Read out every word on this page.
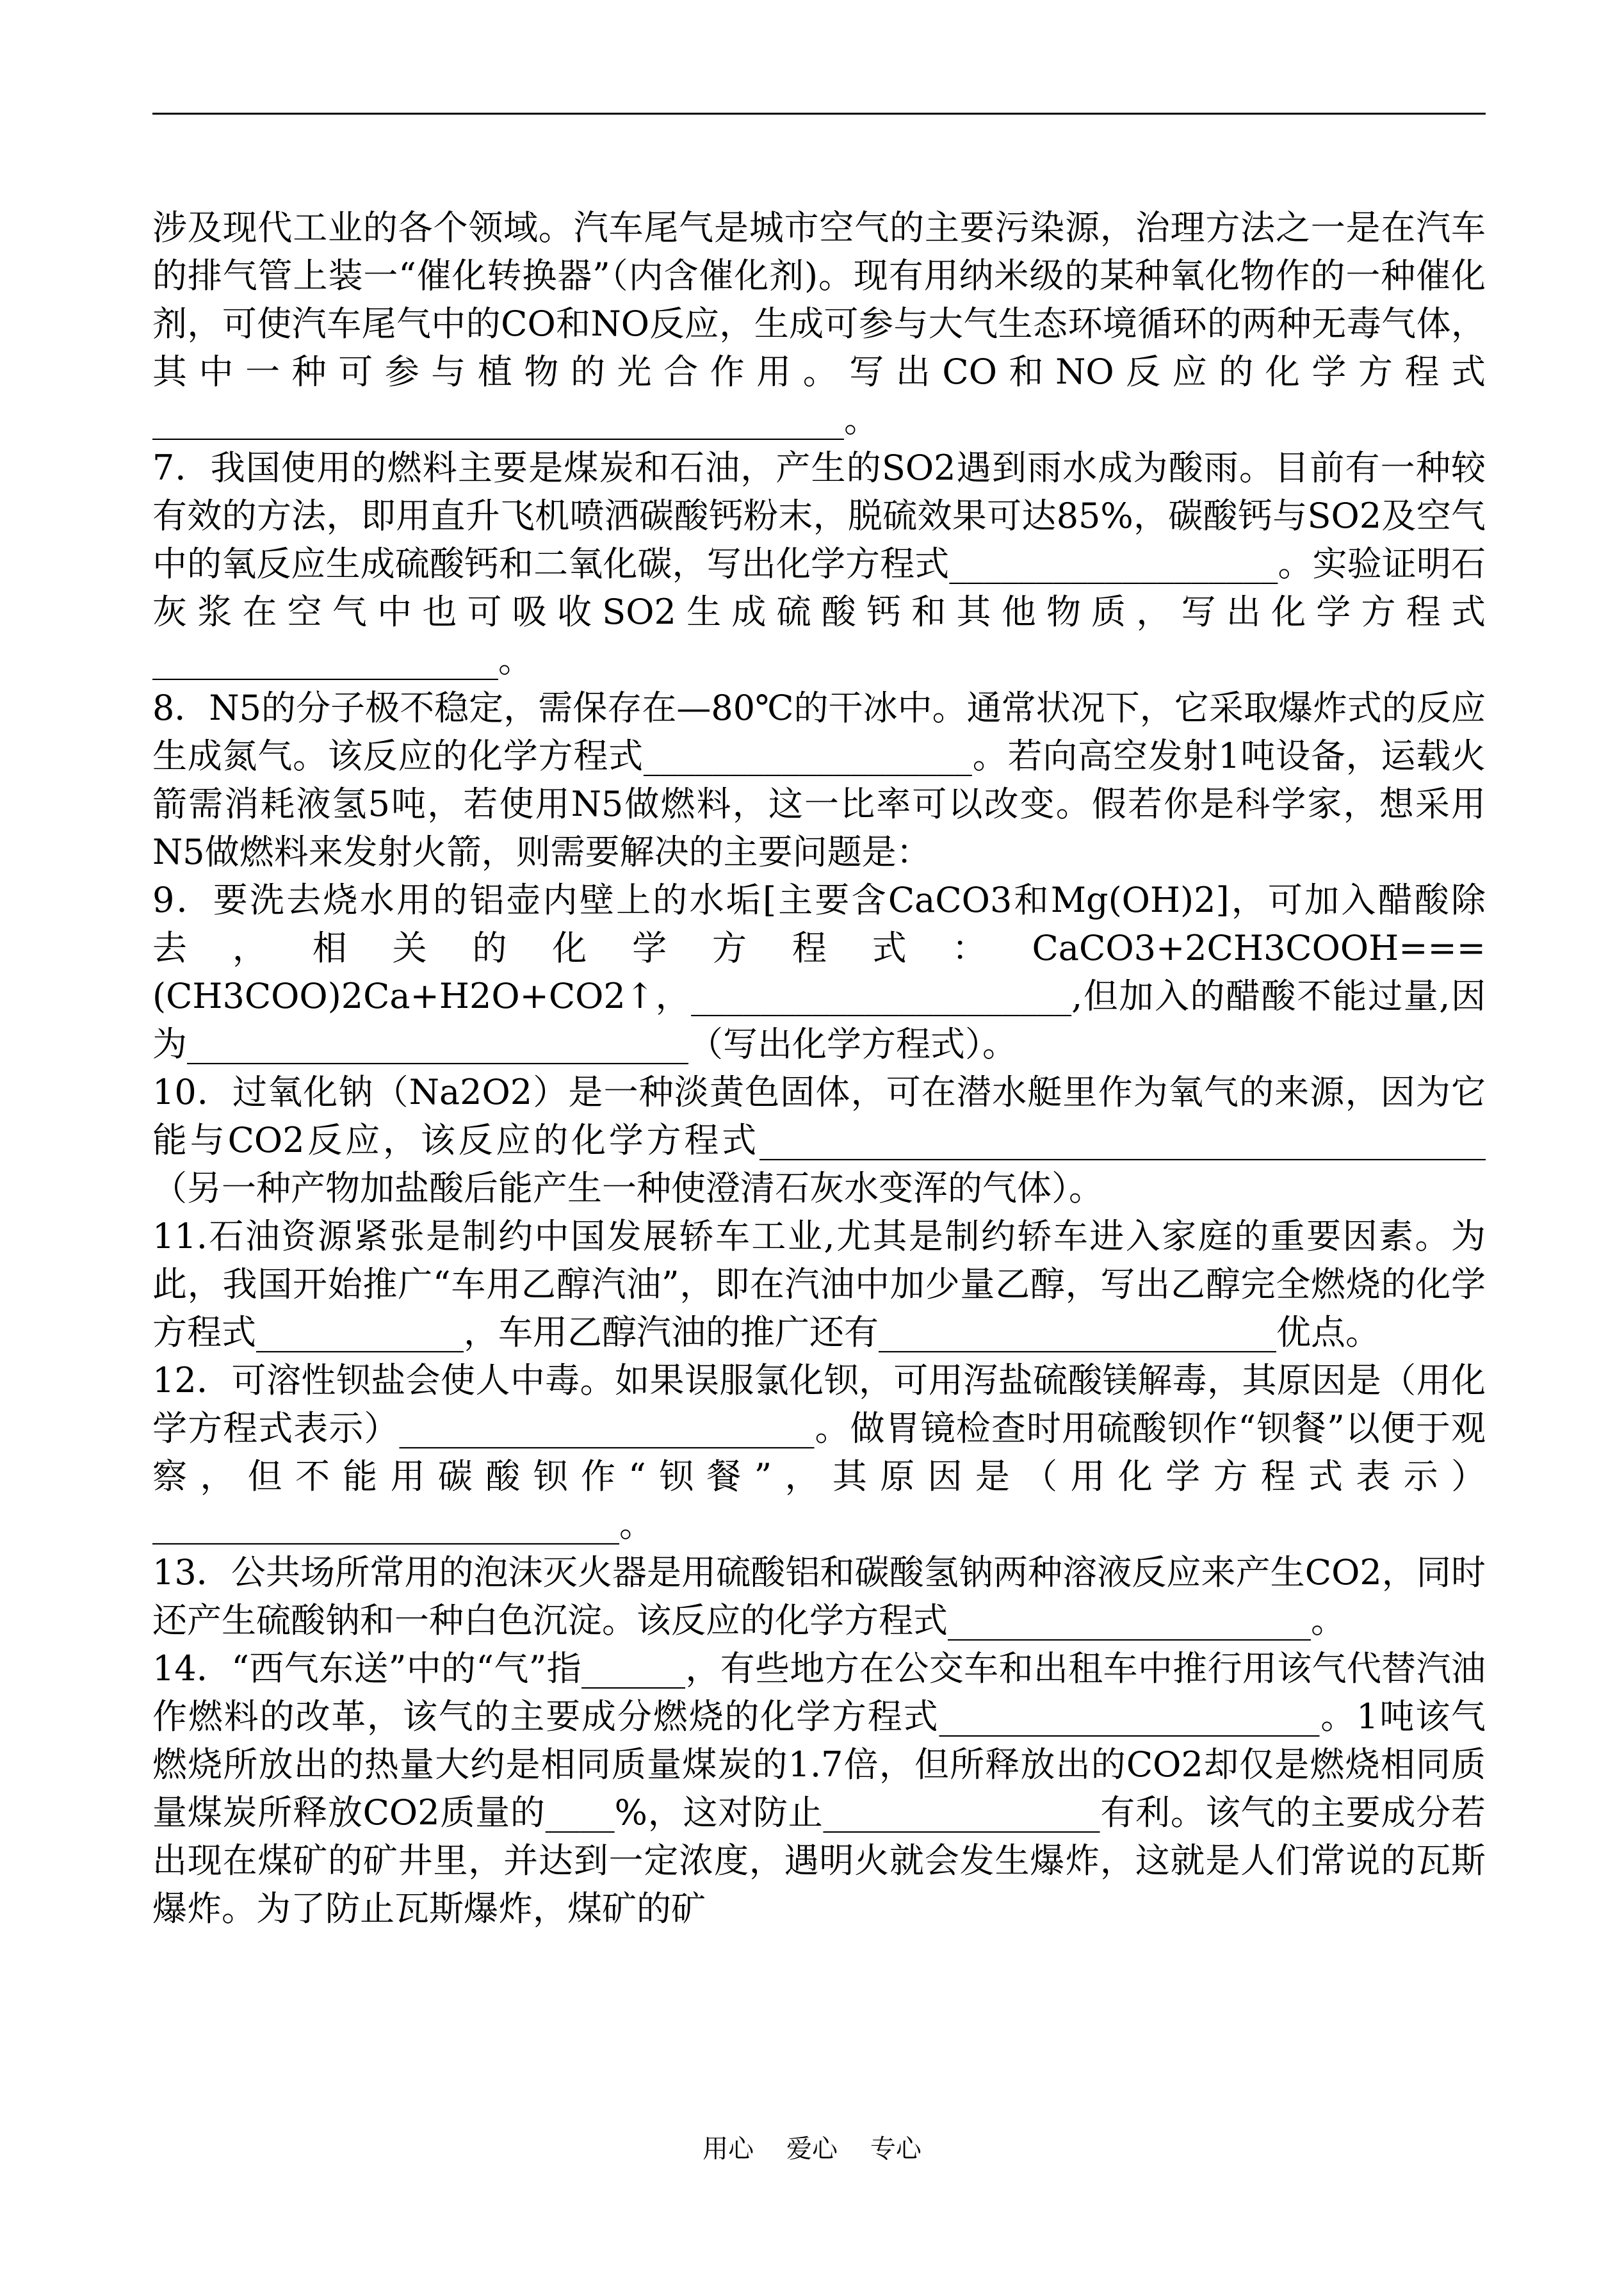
涉及现代工业的各个领域。汽车尾气是城市空气的主要污染源，治理方法之一是在汽车的排气管上装一“催化转换器”（内含催化剂)。现有用纳米级的某种氧化物作的一种催化剂，可使汽车尾气中的CO和NO反应，生成可参与大气生态环境循环的两种无毒气体，其中一种可参与植物的光合作用。写出CO和NO反应的化学方程式________________________________________。

7．我国使用的燃料主要是煤炭和石油，产生的SO2遇到雨水成为酸雨。目前有一种较有效的方法，即用直升飞机喷洒碳酸钙粉末，脱硫效果可达85%，碳酸钙与SO2及空气中的氧反应生成硫酸钙和二氧化碳，写出化学方程式___________________。实验证明石灰浆在空气中也可吸收SO2生成硫酸钙和其他物质，写出化学方程式____________________。

8．N5的分子极不稳定，需保存在—80℃的干冰中。通常状况下，它采取爆炸式的反应生成氮气。该反应的化学方程式___________________。若向高空发射1吨设备，运载火箭需消耗液氢5吨，若使用N5做燃料，这一比率可以改变。假若你是科学家，想采用N5做燃料来发射火箭，则需要解决的主要问题是：

9．要洗去烧水用的铝壶内壁上的水垢[主要含CaCO3和Mg(OH)2]，可加入醋酸除去，相关的化学方程式：CaCO3+2CH3COOH===(CH3COO)2Ca+H2O+CO2↑，______________________,但加入的醋酸不能过量,因为_____________________________（写出化学方程式）。

10．过氧化钠（Na2O2）是一种淡黄色固体，可在潜水艇里作为氧气的来源，因为它能与CO2反应，该反应的化学方程式__________________________________________（另一种产物加盐酸后能产生一种使澄清石灰水变浑的气体）。

11.石油资源紧张是制约中国发展轿车工业,尤其是制约轿车进入家庭的重要因素。为此，我国开始推广“车用乙醇汽油”，即在汽油中加少量乙醇，写出乙醇完全燃烧的化学方程式____________，车用乙醇汽油的推广还有_______________________优点。

12．可溶性钡盐会使人中毒。如果误服氯化钡，可用泻盐硫酸镁解毒，其原因是（用化学方程式表示）________________________。做胃镜检查时用硫酸钡作“钡餐”以便于观察，但不能用碳酸钡作“钡餐”，其原因是（用化学方程式表示）___________________________。

13．公共场所常用的泡沫灭火器是用硫酸铝和碳酸氢钠两种溶液反应来产生CO2，同时还产生硫酸钠和一种白色沉淀。该反应的化学方程式_____________________。

14．“西气东送”中的“气”指______，有些地方在公交车和出租车中推行用该气代替汽油作燃料的改革，该气的主要成分燃烧的化学方程式______________________。1吨该气燃烧所放出的热量大约是相同质量煤炭的1.7倍，但所释放出的CO2却仅是燃烧相同质量煤炭所释放CO2质量的____%，这对防止________________有利。该气的主要成分若出现在煤矿的矿井里，并达到一定浓度，遇明火就会发生爆炸，这就是人们常说的瓦斯爆炸。为了防止瓦斯爆炸，煤矿的矿

用心    爱心    专心
